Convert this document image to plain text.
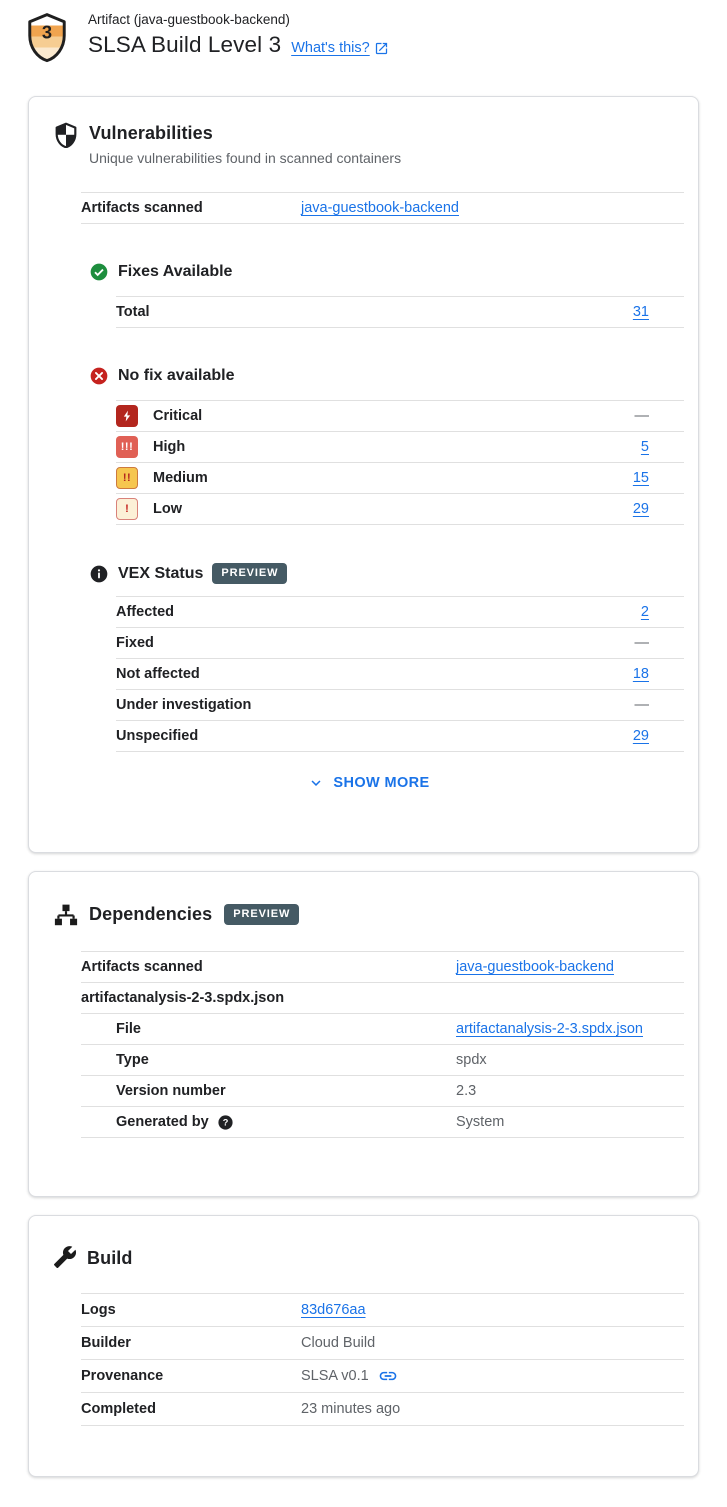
3
Artifact (java-guestbook-backend)
SLSA Build Level 3 What's this?
Vulnerabilities

Unique vulnerabilities found in scanned containers

Artifacts scanned	java-guestbook-backend
Fixes Available
Total	31
No fix available
Critical	—
!!!	High	5
!!	Medium	15
!	Low	29
VEX Status	PREVIEW
Affected	2
Fixed	—
Not affected	18
Under investigation	—
Unspecified	29
SHOW MORE
Dependencies	PREVIEW
Artifacts scanned	java-guestbook-backend
artifactanalysis-2-3.spdx.json
File	artifactanalysis-2-3.spdx.json
Type	spdx
Version number	2.3
Generated by ?	System
Build
Logs	83d676aa
Builder	Cloud Build
Provenance	SLSA v0.1
Completed	23 minutes ago
